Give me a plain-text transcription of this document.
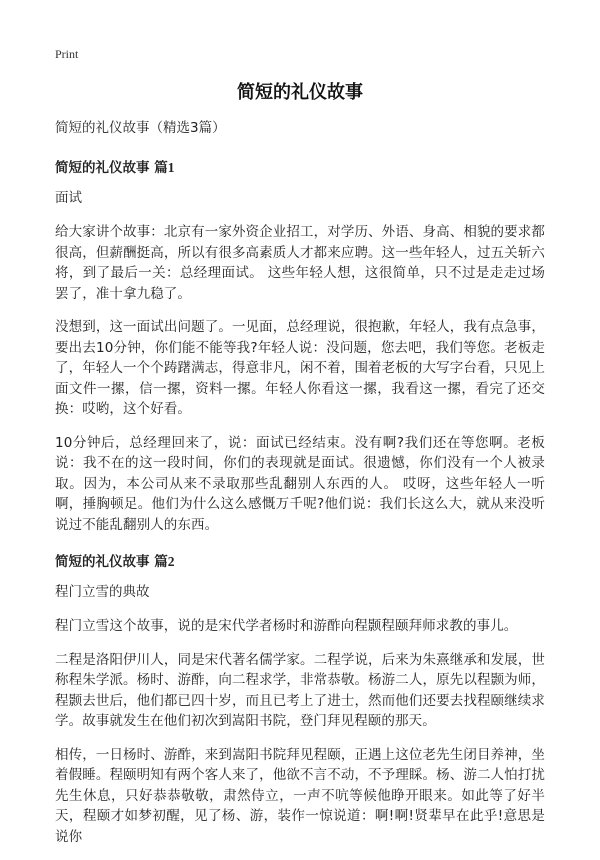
Print
简短的礼仪故事

简短的礼仪故事（精选3篇）

简短的礼仪故事 篇1

面试

给大家讲个故事：北京有一家外资企业招工，对学历、外语、身高、相貌的要求都很高，但薪酬挺高，所以有很多高素质人才都来应聘。这一些年轻人，过五关斩六将，到了最后一关：总经理面试。 这些年轻人想，这很简单，只不过是走走过场罢了，准十拿九稳了。

没想到，这一面试出问题了。一见面，总经理说，很抱歉，年轻人，我有点急事，要出去10分钟，你们能不能等我?年轻人说：没问题，您去吧，我们等您。老板走了，年轻人一个个踌躇满志，得意非凡，闲不着，围着老板的大写字台看，只见上面文件一摞，信一摞，资料一摞。年轻人你看这一摞，我看这一摞，看完了还交换：哎哟，这个好看。

10分钟后，总经理回来了，说：面试已经结束。没有啊?我们还在等您啊。老板说：我不在的这一段时间，你们的表现就是面试。很遗憾，你们没有一个人被录取。因为，本公司从来不录取那些乱翻别人东西的人。 哎呀，这些年轻人一听啊，捶胸顿足。他们为什么这么感慨万千呢?他们说：我们长这么大，就从来没听说过不能乱翻别人的东西。

简短的礼仪故事 篇2

程门立雪的典故

程门立雪这个故事，说的是宋代学者杨时和游酢向程颢程颐拜师求教的事儿。

二程是洛阳伊川人，同是宋代著名儒学家。二程学说，后来为朱熹继承和发展，世称程朱学派。杨时、游酢，向二程求学，非常恭敬。杨游二人，原先以程颢为师，程颢去世后，他们都已四十岁，而且已考上了进士，然而他们还要去找程颐继续求学。故事就发生在他们初次到嵩阳书院，登门拜见程颐的那天。

相传，一日杨时、游酢，来到嵩阳书院拜见程颐，正遇上这位老先生闭目养神，坐着假睡。程颐明知有两个客人来了，他欲不言不动，不予理睬。杨、游二人怕打扰先生休息，只好恭恭敬敬，肃然侍立，一声不吭等候他睁开眼来。如此等了好半天，程颐才如梦初醒，见了杨、游，装作一惊说道：啊!啊!贤辈早在此乎!意思是说你
